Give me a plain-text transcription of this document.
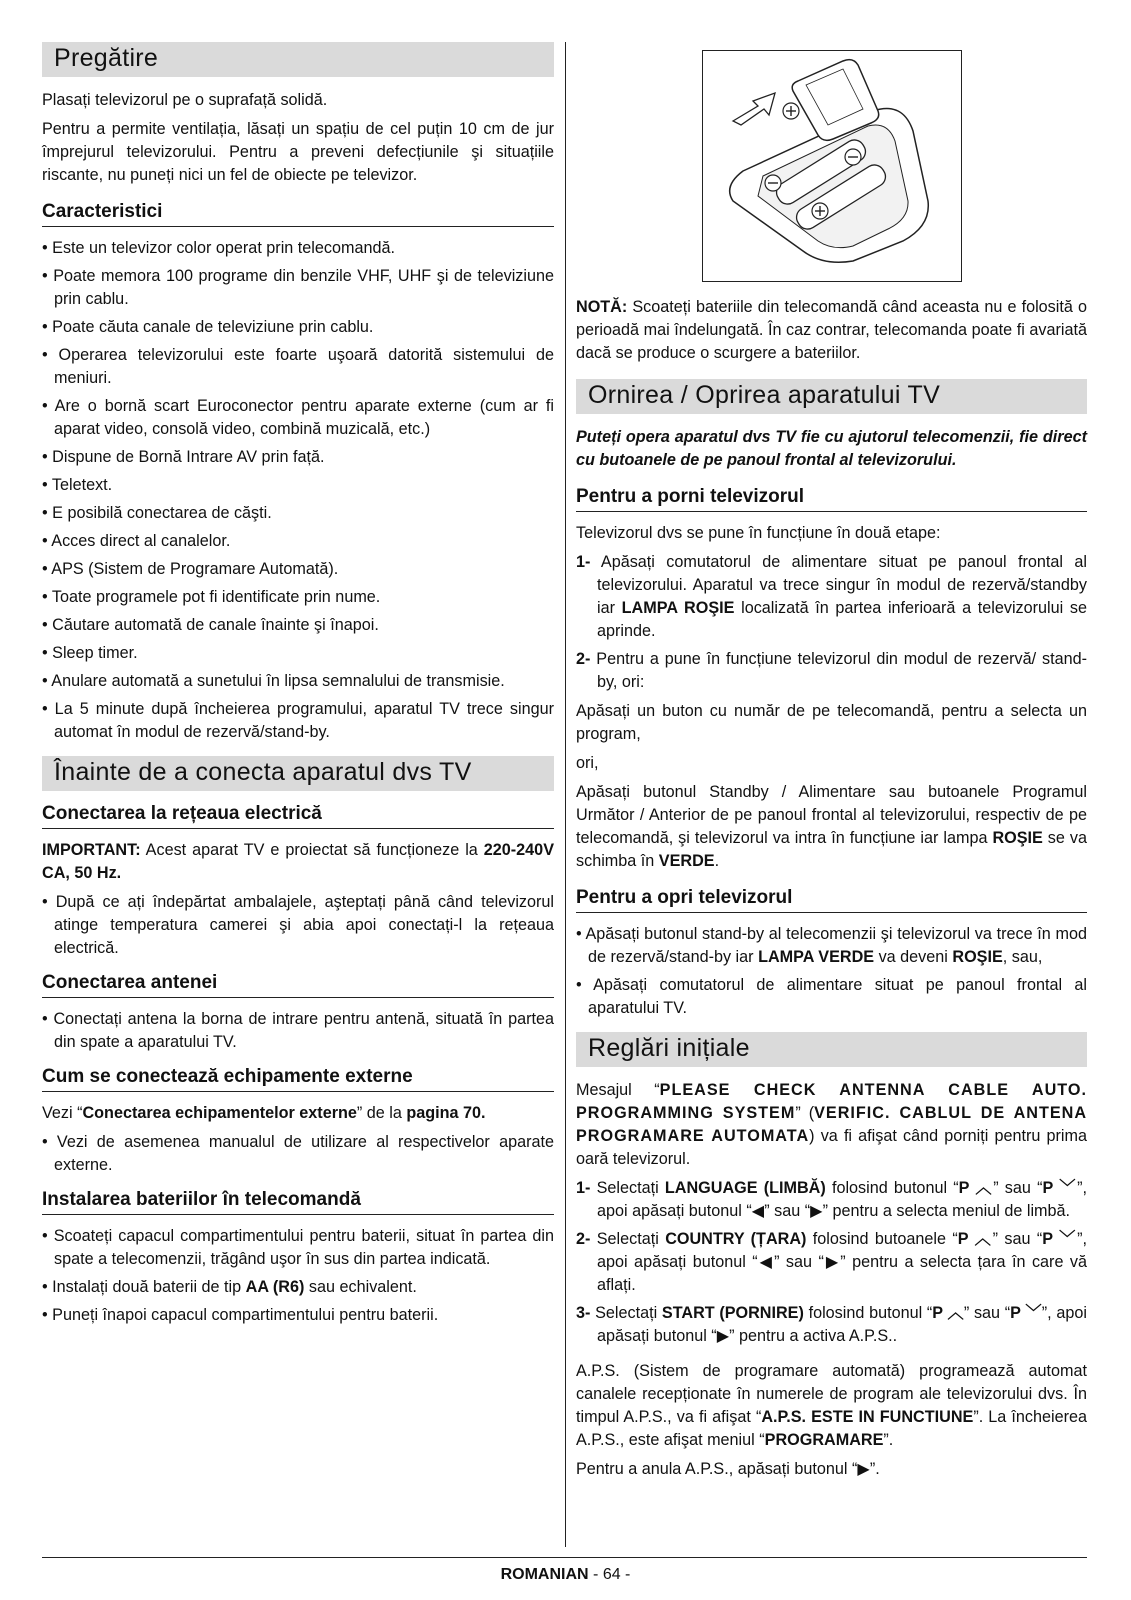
Pregătire

Plasați televizorul pe o suprafață solidă.

Pentru a permite ventilația, lăsați un spațiu de cel puțin 10 cm de jur împrejurul televizorului. Pentru a preveni defecțiunile şi situațiile riscante, nu puneți nici un fel de obiecte pe televizor.

Caracteristici
• Este un televizor color operat prin telecomandă.
• Poate memora 100 programe din benzile VHF, UHF şi de televiziune prin cablu.
• Poate căuta canale de televiziune prin cablu.
• Operarea televizorului este foarte uşoară datorită sistemului de meniuri.
• Are o bornă scart Euroconector pentru aparate externe (cum ar fi aparat video, consolă video, combină muzicală, etc.)
• Dispune de Bornă Intrare AV prin față.
• Teletext.
• E posibilă conectarea de căşti.
• Acces direct al canalelor.
• APS (Sistem de Programare Automată).
• Toate programele pot fi identificate prin nume.
• Căutare automată de canale înainte şi înapoi.
• Sleep timer.
• Anulare automată a sunetului în lipsa semnalului de transmisie.
• La 5 minute după încheierea programului, aparatul TV trece singur automat în modul de rezervă/stand-by.
Înainte de a conecta aparatul dvs TV
Conectarea la rețeaua electrică

IMPORTANT: Acest aparat TV e proiectat să funcționeze la 220-240V CA, 50 Hz.

• După ce ați îndepărtat ambalajele, aşteptați până când televizorul atinge temperatura camerei şi abia apoi conectați-l la rețeaua electrică.
Conectarea antenei
• Conectați antena la borna de intrare pentru antenă, situată în partea din spate a aparatului TV.
Cum se conectează echipamente externe

Vezi “Conectarea echipamentelor externe” de la pagina 70.

• Vezi de asemenea manualul de utilizare al respectivelor aparate externe.
Instalarea bateriilor în telecomandă
• Scoateți capacul compartimentului pentru baterii, situat în partea din spate a telecomenzii, trăgând uşor în sus din partea indicată.
• Instalați două baterii de tip AA (R6) sau echivalent.
• Puneți înapoi capacul compartimentului pentru baterii.

NOTĂ: Scoateți bateriile din telecomandă când aceasta nu e folosită o perioadă mai îndelungată. În caz contrar, telecomanda poate fi avariată dacă se produce o scurgere a bateriilor.

Ornirea / Oprirea aparatului TV

Puteți opera aparatul dvs TV fie cu ajutorul telecomenzii, fie direct cu butoanele de pe panoul frontal al televizorului.

Pentru a porni televizorul

Televizorul dvs se pune în funcțiune în două etape:

1- Apăsați comutatorul de alimentare situat pe panoul frontal al televizorului. Aparatul va trece singur în modul de rezervă/standby iar LAMPA ROŞIE localizată în partea inferioară a televizorului se aprinde.
2- Pentru a pune în funcțiune televizorul din modul de rezervă/ stand-by, ori:

Apăsați un buton cu număr de pe telecomandă, pentru a selecta un program,

ori,

Apăsați butonul Standby / Alimentare sau butoanele Programul Următor / Anterior de pe panoul frontal al televizorului, respectiv de pe telecomandă, şi televizorul va intra în funcțiune iar lampa ROŞIE se va schimba în VERDE.

Pentru a opri televizorul
• Apăsați butonul stand-by al telecomenzii şi televizorul va trece în mod de rezervă/stand-by iar LAMPA VERDE va deveni ROŞIE, sau,
• Apăsați comutatorul de alimentare situat pe panoul frontal al aparatului TV.
Reglări inițiale

Mesajul “PLEASE CHECK ANTENNA CABLE AUTO. PROGRAMMING SYSTEM” (VERIFIC. CABLUL DE ANTENA PROGRAMARE AUTOMATA) va fi afişat când porniți pentru prima oară televizorul.

1- Selectați LANGUAGE (LIMBĂ) folosind butonul “P ︿” sau “P ﹀”, apoi apăsați butonul “◀” sau “▶” pentru a selecta meniul de limbă.
2- Selectați COUNTRY (ȚARA) folosind butoanele “P ︿” sau “P ﹀”, apoi apăsați butonul “◀” sau “▶” pentru a selecta țara în care vă aflați.
3- Selectați START (PORNIRE) folosind butonul “P ︿” sau “P ﹀”, apoi apăsați butonul “▶” pentru a activa A.P.S..

A.P.S. (Sistem de programare automată) programează automat canalele recepționate în numerele de program ale televizorului dvs. În timpul A.P.S., va fi afişat “A.P.S. ESTE IN FUNCTIUNE”. La încheierea A.P.S., este afişat meniul “PROGRAMARE”.

Pentru a anula A.P.S., apăsați butonul “▶”.

ROMANIAN - 64 -
